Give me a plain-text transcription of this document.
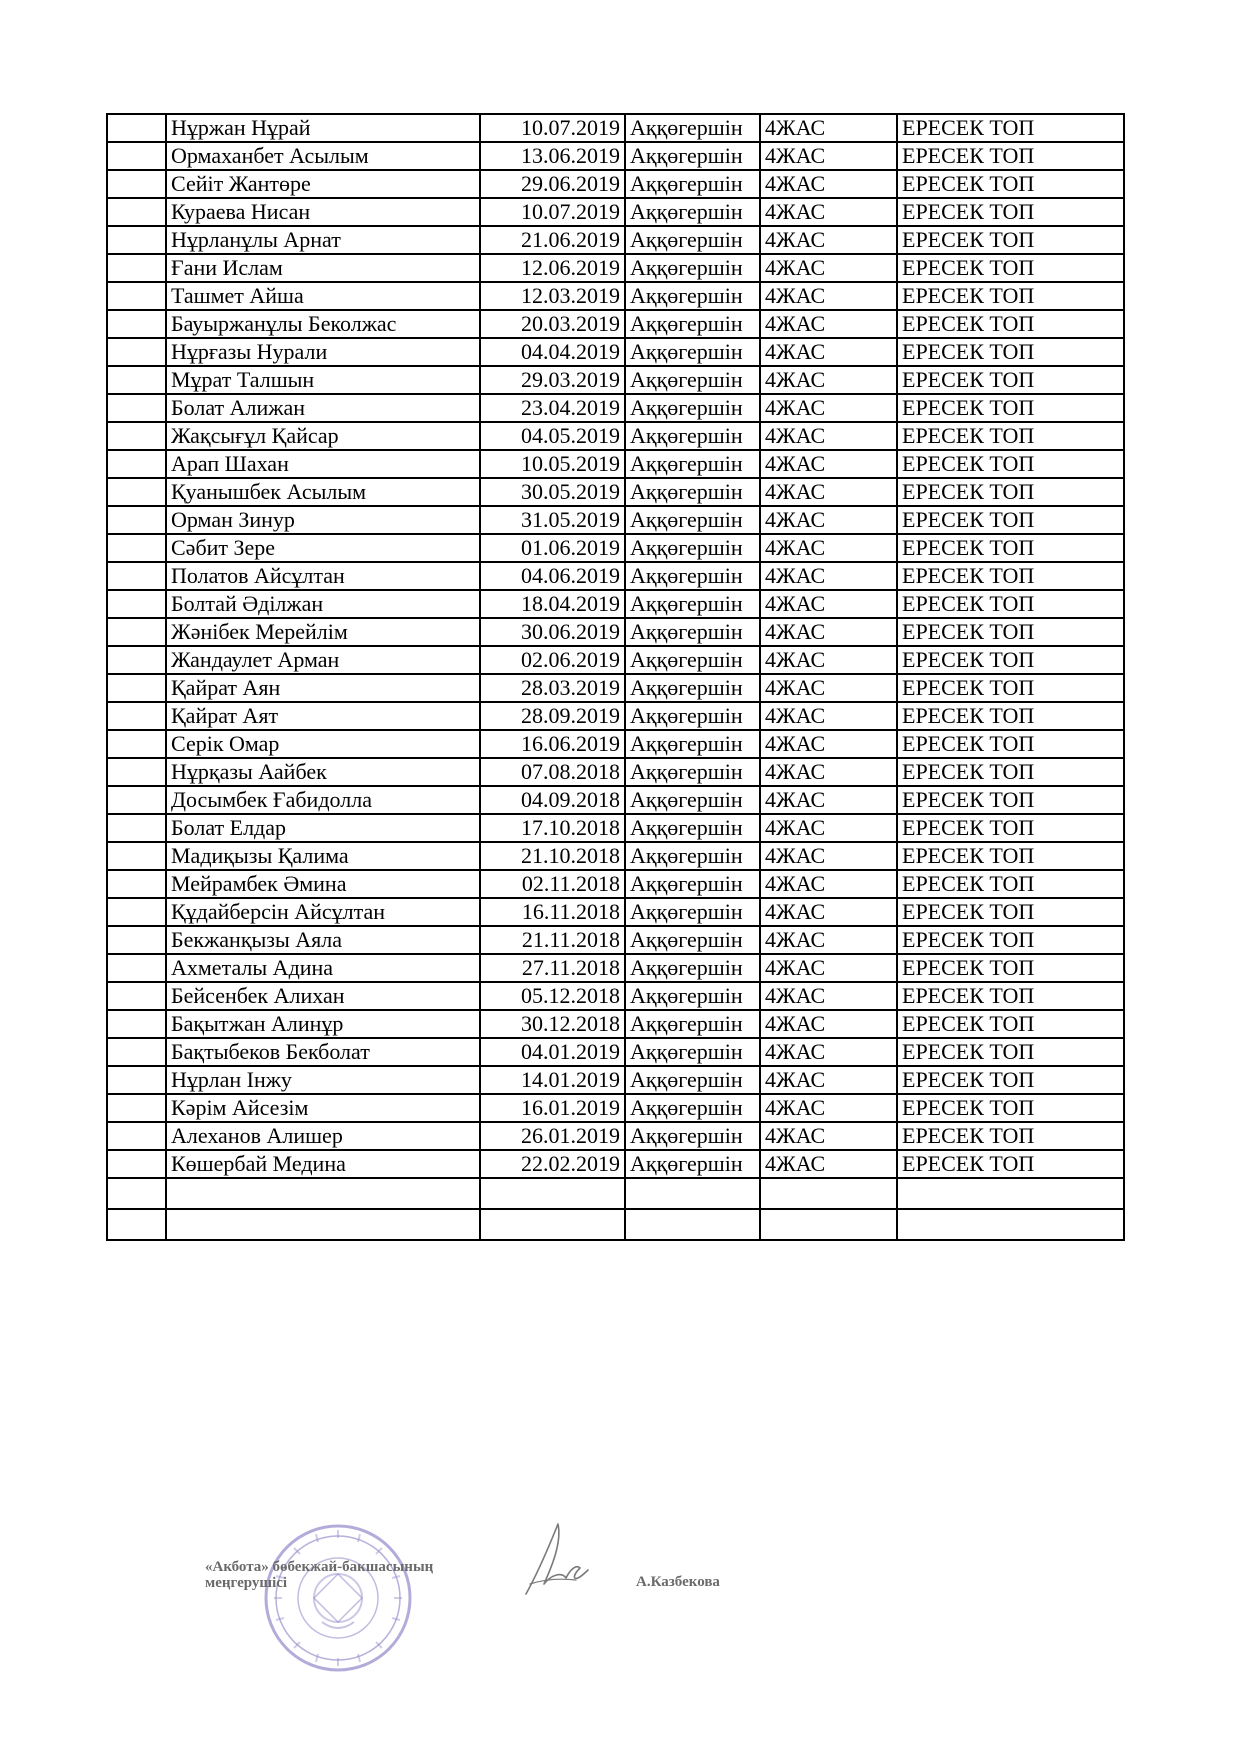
	Нұржан Нұрай	10.07.2019	Аққөгершін	4ЖАС	ЕРЕСЕК ТОП
	Ормаханбет Асылым	13.06.2019	Аққөгершін	4ЖАС	ЕРЕСЕК ТОП
	Сейіт Жантөре	29.06.2019	Аққөгершін	4ЖАС	ЕРЕСЕК ТОП
	Кураева Нисан	10.07.2019	Аққөгершін	4ЖАС	ЕРЕСЕК ТОП
	Нұрланұлы Арнат	21.06.2019	Аққөгершін	4ЖАС	ЕРЕСЕК ТОП
	Ғани Ислам	12.06.2019	Аққөгершін	4ЖАС	ЕРЕСЕК ТОП
	Ташмет Айша	12.03.2019	Аққөгершін	4ЖАС	ЕРЕСЕК ТОП
	Бауыржанұлы Беколжас	20.03.2019	Аққөгершін	4ЖАС	ЕРЕСЕК ТОП
	Нұрғазы Нурали	04.04.2019	Аққөгершін	4ЖАС	ЕРЕСЕК ТОП
	Мұрат Талшын	29.03.2019	Аққөгершін	4ЖАС	ЕРЕСЕК ТОП
	Болат Алижан	23.04.2019	Аққөгершін	4ЖАС	ЕРЕСЕК ТОП
	Жақсығұл Қайсар	04.05.2019	Аққөгершін	4ЖАС	ЕРЕСЕК ТОП
	Арап Шахан	10.05.2019	Аққөгершін	4ЖАС	ЕРЕСЕК ТОП
	Қуанышбек Асылым	30.05.2019	Аққөгершін	4ЖАС	ЕРЕСЕК ТОП
	Орман Зинур	31.05.2019	Аққөгершін	4ЖАС	ЕРЕСЕК ТОП
	Сәбит Зере	01.06.2019	Аққөгершін	4ЖАС	ЕРЕСЕК ТОП
	Полатов Айсұлтан	04.06.2019	Аққөгершін	4ЖАС	ЕРЕСЕК ТОП
	Болтай Әділжан	18.04.2019	Аққөгершін	4ЖАС	ЕРЕСЕК ТОП
	Жәнібек Мерейлім	30.06.2019	Аққөгершін	4ЖАС	ЕРЕСЕК ТОП
	Жандаулет Арман	02.06.2019	Аққөгершін	4ЖАС	ЕРЕСЕК ТОП
	Қайрат Аян	28.03.2019	Аққөгершін	4ЖАС	ЕРЕСЕК ТОП
	Қайрат Аят	28.09.2019	Аққөгершін	4ЖАС	ЕРЕСЕК ТОП
	Серік Омар	16.06.2019	Аққөгершін	4ЖАС	ЕРЕСЕК ТОП
	Нұрқазы Аайбек	07.08.2018	Аққөгершін	4ЖАС	ЕРЕСЕК ТОП
	Досымбек Ғабидолла	04.09.2018	Аққөгершін	4ЖАС	ЕРЕСЕК ТОП
	Болат Елдар	17.10.2018	Аққөгершін	4ЖАС	ЕРЕСЕК ТОП
	Мадиқызы Қалима	21.10.2018	Аққөгершін	4ЖАС	ЕРЕСЕК ТОП
	Мейрамбек Әмина	02.11.2018	Аққөгершін	4ЖАС	ЕРЕСЕК ТОП
	Құдайберсін Айсұлтан	16.11.2018	Аққөгершін	4ЖАС	ЕРЕСЕК ТОП
	Бекжанқызы Аяла	21.11.2018	Аққөгершін	4ЖАС	ЕРЕСЕК ТОП
	Ахметалы Адина	27.11.2018	Аққөгершін	4ЖАС	ЕРЕСЕК ТОП
	Бейсенбек Алихан	05.12.2018	Аққөгершін	4ЖАС	ЕРЕСЕК ТОП
	Бақытжан Алинұр	30.12.2018	Аққөгершін	4ЖАС	ЕРЕСЕК ТОП
	Бақтыбеков Бекболат	04.01.2019	Аққөгершін	4ЖАС	ЕРЕСЕК ТОП
	Нұрлан Інжу	14.01.2019	Аққөгершін	4ЖАС	ЕРЕСЕК ТОП
	Кәрім Айсезім	16.01.2019	Аққөгершін	4ЖАС	ЕРЕСЕК ТОП
	Алеханов Алишер	26.01.2019	Аққөгершін	4ЖАС	ЕРЕСЕК ТОП
	Көшербай Медина	22.02.2019	Аққөгершін	4ЖАС	ЕРЕСЕК ТОП

«Акбота» бөбекжай-бакшасының
меңгерушісі	А.Казбекова
